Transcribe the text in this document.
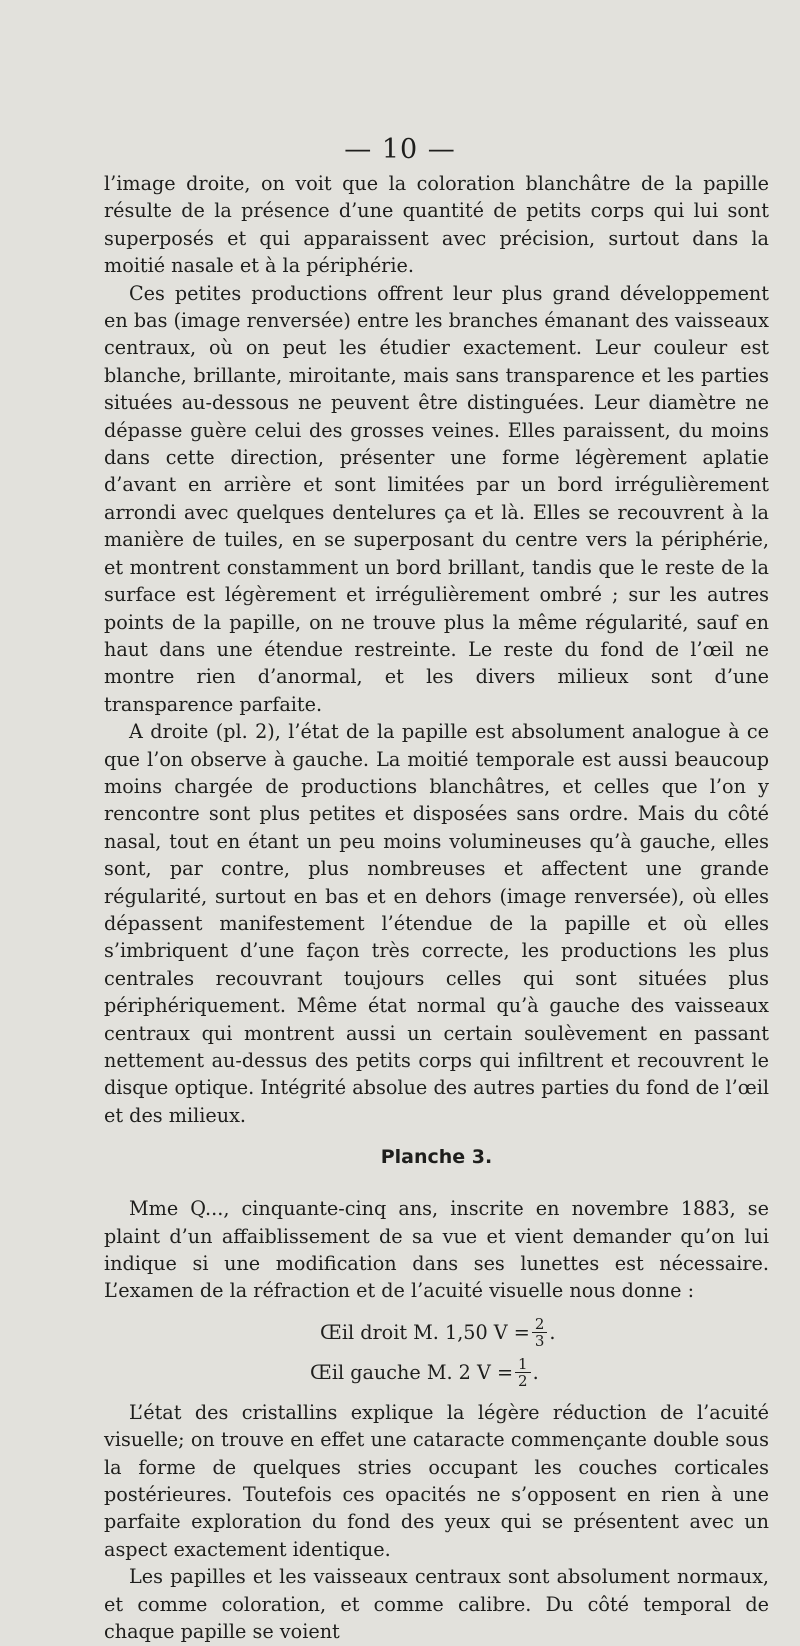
— 10 —

l’image droite, on voit que la coloration blanchâtre de la papille résulte de la présence d’une quantité de petits corps qui lui sont superposés et qui apparaissent avec précision, surtout dans la moitié nasale et à la périphérie.

Ces petites productions offrent leur plus grand développement en bas (image renversée) entre les branches émanant des vaisseaux centraux, où on peut les étudier exactement. Leur couleur est blanche, brillante, miroitante, mais sans transparence et les parties situées au-dessous ne peuvent être distinguées. Leur diamètre ne dépasse guère celui des grosses veines. Elles paraissent, du moins dans cette direction, présenter une forme légèrement aplatie d’avant en arrière et sont limitées par un bord irrégulièrement arrondi avec quelques dentelures ça et là. Elles se recouvrent à la manière de tuiles, en se superposant du centre vers la périphérie, et montrent constamment un bord brillant, tandis que le reste de la surface est légèrement et irrégulièrement ombré ; sur les autres points de la papille, on ne trouve plus la même régularité, sauf en haut dans une étendue restreinte. Le reste du fond de l’œil ne montre rien d’anormal, et les divers milieux sont d’une transparence parfaite.

A droite (pl. 2), l’état de la papille est absolument analogue à ce que l’on observe à gauche. La moitié temporale est aussi beaucoup moins chargée de productions blanchâtres, et celles que l’on y rencontre sont plus petites et disposées sans ordre. Mais du côté nasal, tout en étant un peu moins volumineuses qu’à gauche, elles sont, par contre, plus nombreuses et affectent une grande régularité, surtout en bas et en dehors (image renversée), où elles dépassent manifestement l’étendue de la papille et où elles s’imbriquent d’une façon très correcte, les productions les plus centrales recouvrant toujours celles qui sont situées plus périphériquement. Même état normal qu’à gauche des vaisseaux centraux qui montrent aussi un certain soulèvement en passant nettement au-dessus des petits corps qui infiltrent et recouvrent le disque optique. Intégrité absolue des autres parties du fond de l’œil et des milieux.

Planche 3.

Mme Q..., cinquante-cinq ans, inscrite en novembre 1883, se plaint d’un affaiblissement de sa vue et vient demander qu’on lui indique si une modification dans ses lunettes est nécessaire. L’examen de la réfraction et de l’acuité visuelle nous donne :

Œil droit M. 1,50 $V = \frac{2}{3}$ .
Œil gauche M. 2 $V = \frac{1}{2}$ .

L’état des cristallins explique la légère réduction de l’acuité visuelle; on trouve en effet une cataracte commençante double sous la forme de quelques stries occupant les couches corticales postérieures. Toutefois ces opacités ne s’opposent en rien à une parfaite exploration du fond des yeux qui se présentent avec un aspect exactement identique.

Les papilles et les vaisseaux centraux sont absolument normaux, et comme coloration, et comme calibre. Du côté temporal de chaque papille se voient
